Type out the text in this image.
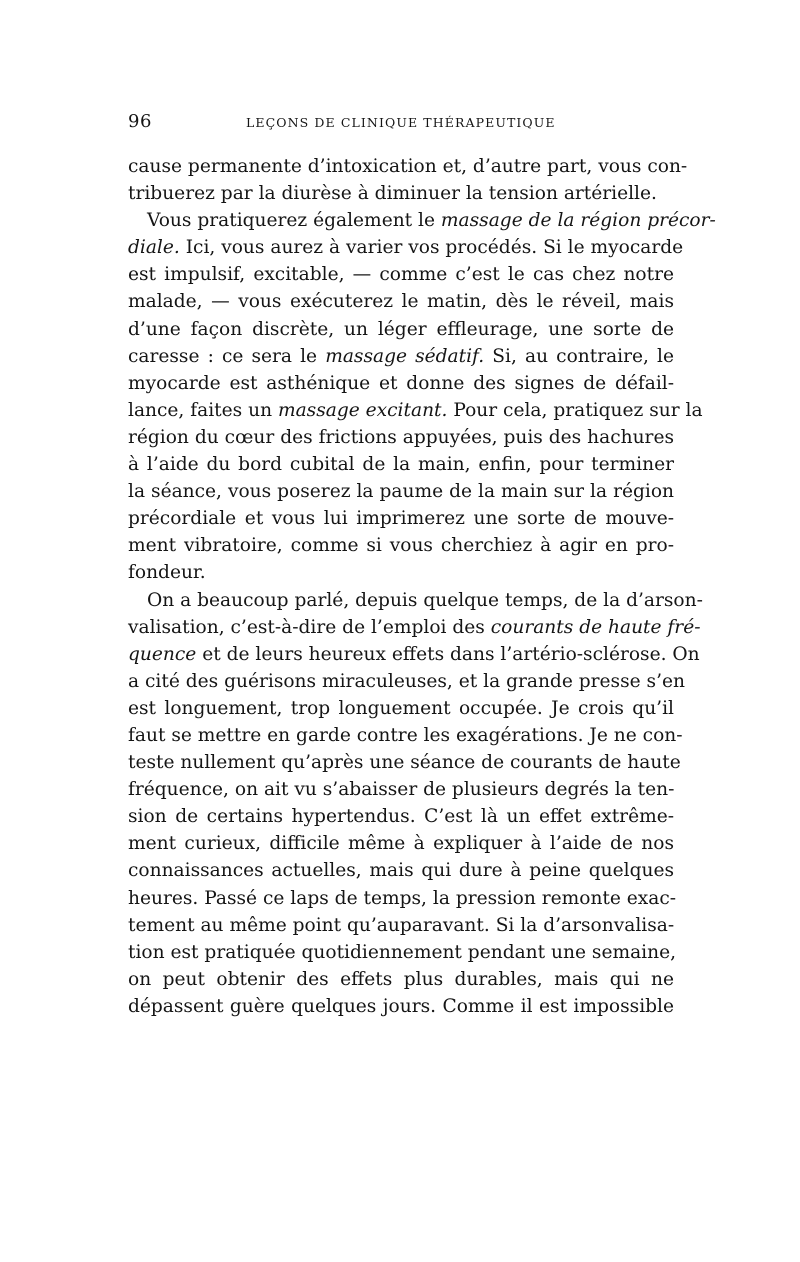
96	LEÇONS DE CLINIQUE THÉRAPEUTIQUE
cause permanente d’intoxication et, d’autre part, vous con-
tribuerez par la diurèse à diminuer la tension artérielle.
Vous pratiquerez également le massage de la région précor-
diale. Ici, vous aurez à varier vos procédés. Si le myocarde
est impulsif, excitable, — comme c’est le cas chez notre
malade, — vous exécuterez le matin, dès le réveil, mais
d’une façon discrète, un léger effleurage, une sorte de
caresse : ce sera le massage sédatif. Si, au contraire, le
myocarde est asthénique et donne des signes de défail-
lance, faites un massage excitant. Pour cela, pratiquez sur la
région du cœur des frictions appuyées, puis des hachures
à l’aide du bord cubital de la main, enfin, pour terminer
la séance, vous poserez la paume de la main sur la région
précordiale et vous lui imprimerez une sorte de mouve-
ment vibratoire, comme si vous cherchiez à agir en pro-
fondeur.
On a beaucoup parlé, depuis quelque temps, de la d’arson-
valisation, c’est-à-dire de l’emploi des courants de haute fré-
quence et de leurs heureux effets dans l’artério-sclérose. On
a cité des guérisons miraculeuses, et la grande presse s’en
est longuement, trop longuement occupée. Je crois qu’il
faut se mettre en garde contre les exagérations. Je ne con-
teste nullement qu’après une séance de courants de haute
fréquence, on ait vu s’abaisser de plusieurs degrés la ten-
sion de certains hypertendus. C’est là un effet extrême-
ment curieux, difficile même à expliquer à l’aide de nos
connaissances actuelles, mais qui dure à peine quelques
heures. Passé ce laps de temps, la pression remonte exac-
tement au même point qu’auparavant. Si la d’arsonvalisa-
tion est pratiquée quotidiennement pendant une semaine,
on peut obtenir des effets plus durables, mais qui ne
dépassent guère quelques jours. Comme il est impossible
